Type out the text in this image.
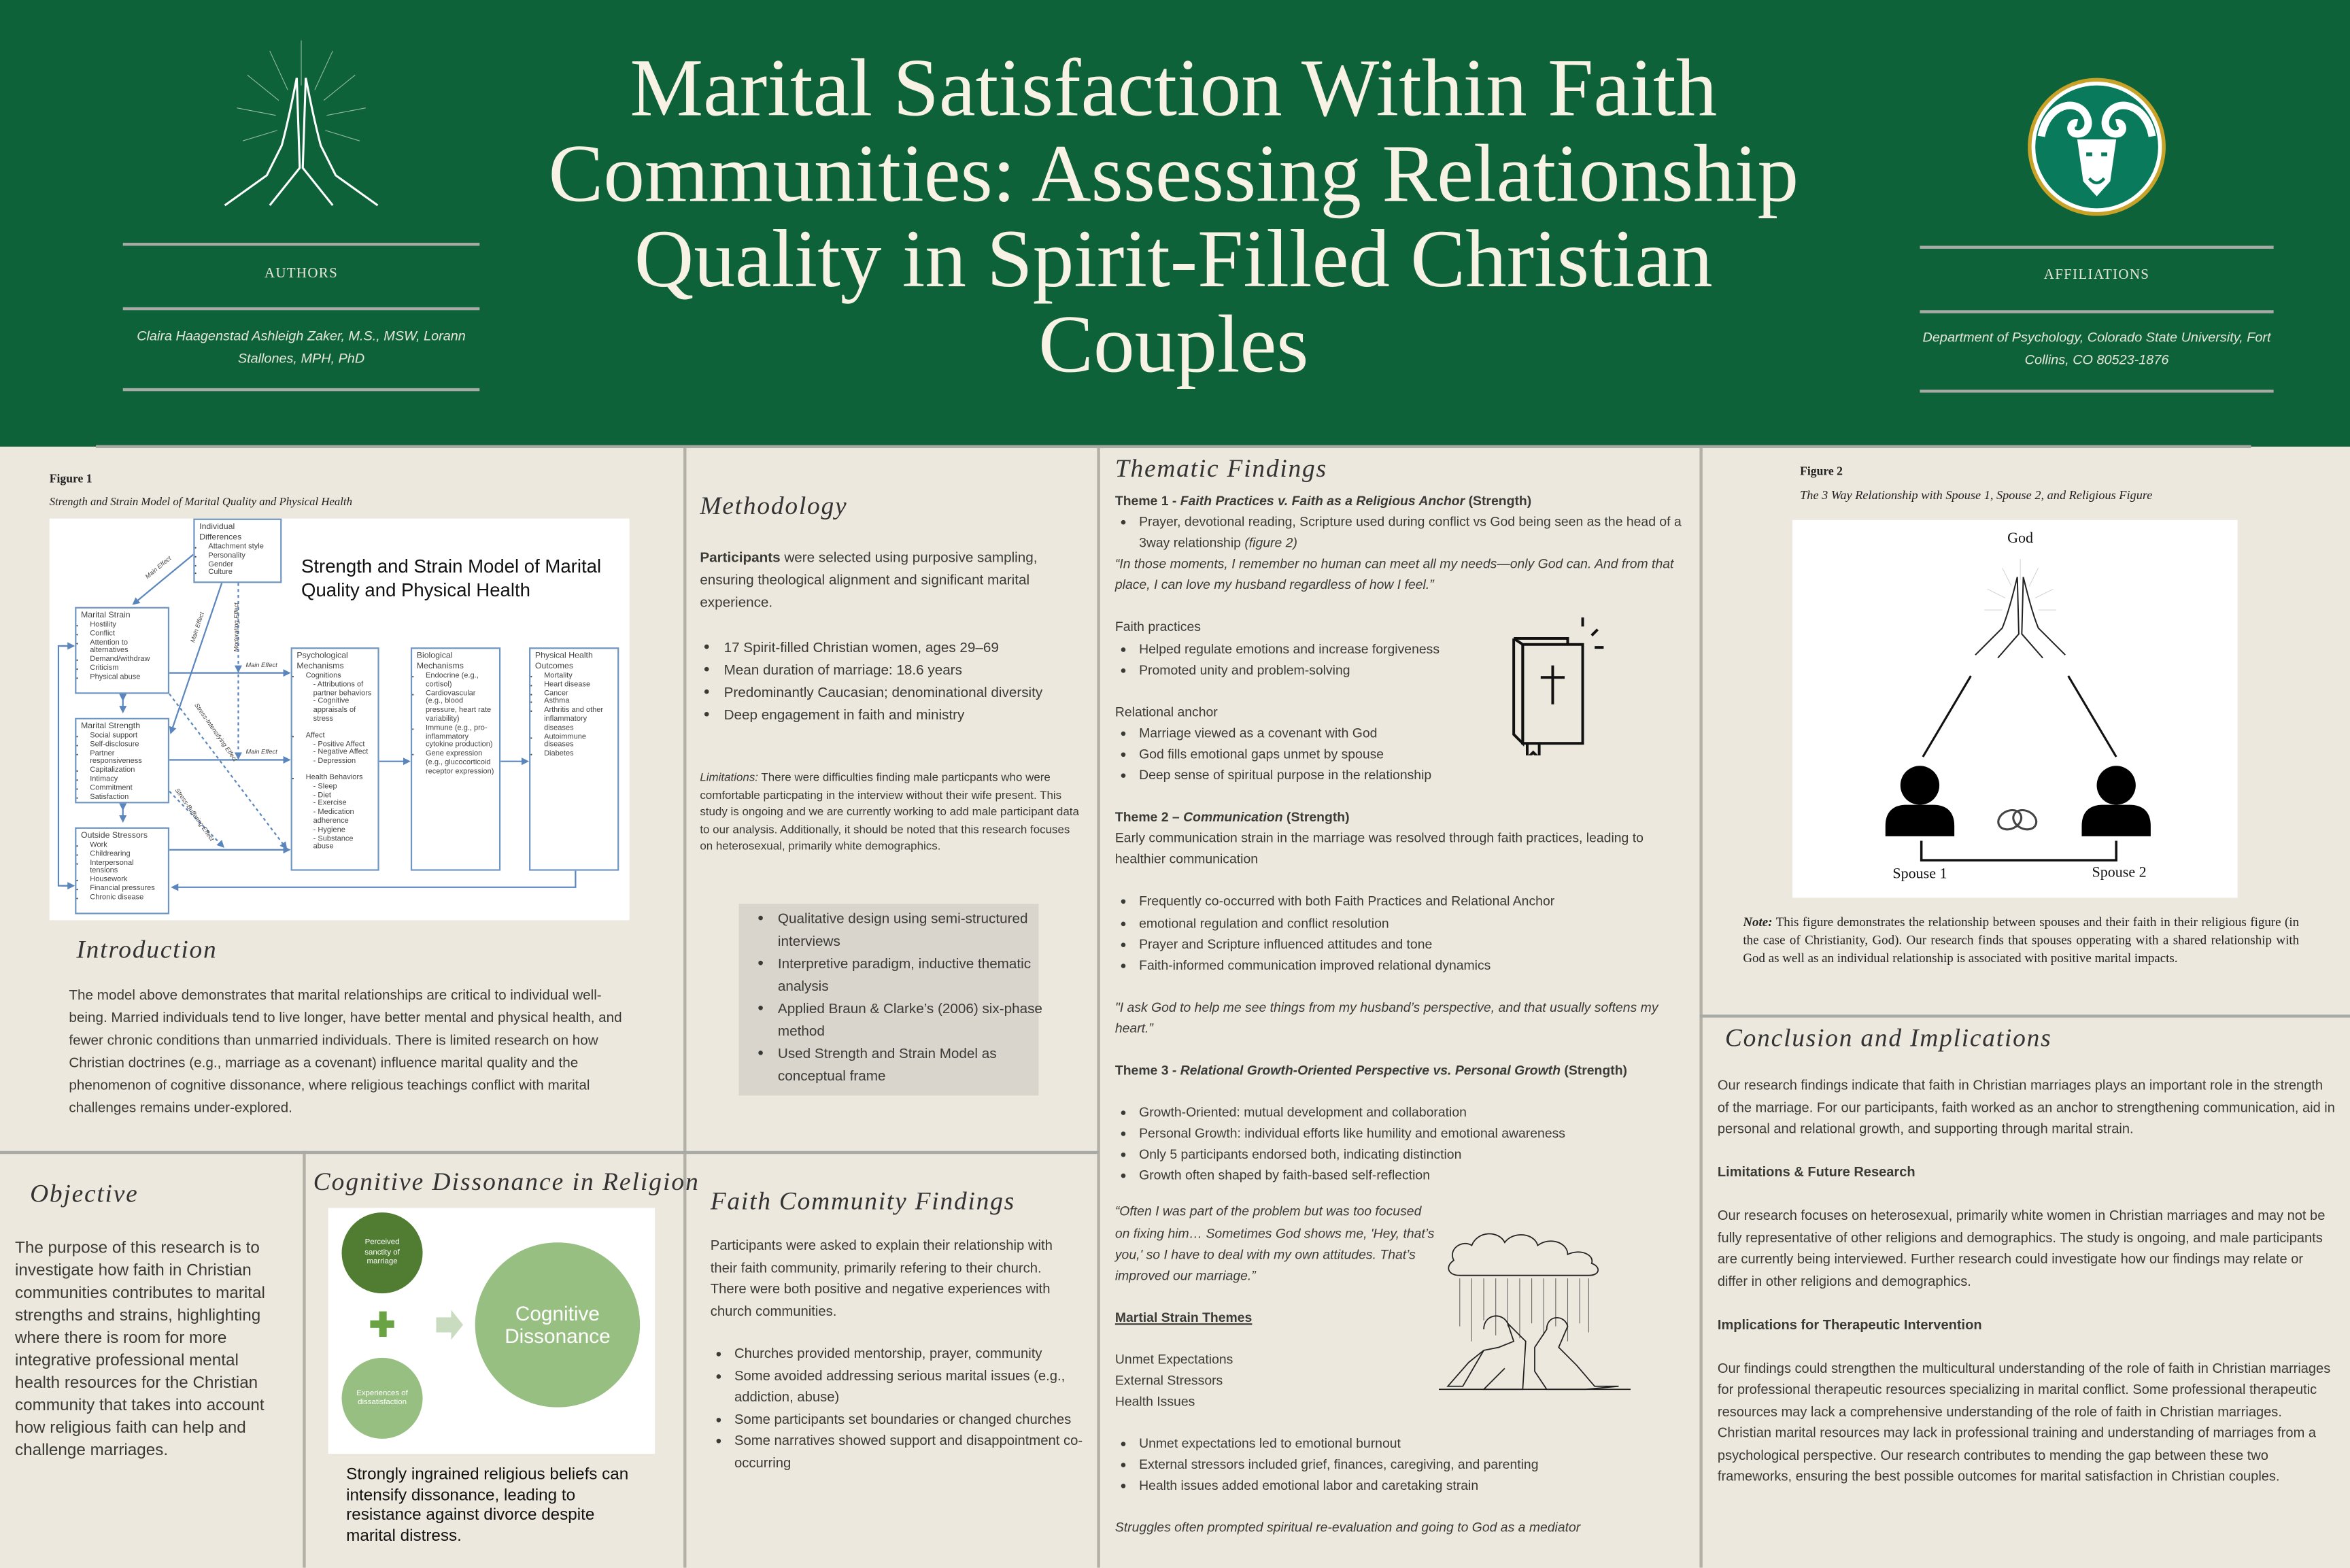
AUTHORS
Claira Haagenstad Ashleigh Zaker, M.S., MSW, Lorann Stallones, MPH, PhD
Marital Satisfaction Within Faith Communities: Assessing Relationship Quality in Spirit-Filled Christian Couples
AFFILIATIONS
Department of Psychology, Colorado State University, Fort Collins, CO 80523-1876
Figure 1
Strength and Strain Model of Marital Quality and Physical Health
Main Effect
Main Effect	Moderating Effect
Main Effect
Main Effect
Stress-Intensifying Effect
Stress-Buffering Effect
Strength and Strain Model of Marital Quality and Physical Health
Individual Differences
• Attachment style
• Personality
• Gender
• Culture
Marital Strain
• Hostility
• Conflict
• Attention to alternatives
• Demand/withdraw
• Criticism
• Physical abuse
Marital Strength
• Social support
• Self-disclosure
• Partner responsiveness
• Capitalization
• Intimacy
• Commitment
• Satisfaction
Outside Stressors
• Work
• Childrearing
• Interpersonal tensions
• Housework
• Financial pressures
• Chronic disease
Psychological Mechanisms
• Cognitions
- Attributions of partner behaviors
- Cognitive appraisals of stress
• Affect
- Positive Affect
- Negative Affect
- Depression
• Health Behaviors
- Sleep
- Diet
- Exercise
- Medication adherence
- Hygiene
- Substance abuse
Biological Mechanisms
• Endocrine (e.g., cortisol)
• Cardiovascular (e.g., blood pressure, heart rate variability)
• Immune (e.g., pro-inflammatory cytokine production)
• Gene expression (e.g., glucocorticoid receptor expression)
Physical Health Outcomes
• Mortality
• Heart disease
• Cancer
• Asthma
• Arthritis and other inflammatory diseases
• Autoimmune diseases
• Diabetes
Introduction
The model above demonstrates that marital relationships are critical to individual well-being. Married individuals tend to live longer, have better mental and physical health, and fewer chronic conditions than unmarried individuals. There is limited research on how Christian doctrines (e.g., marriage as a covenant) influence marital quality and the phenomenon of cognitive dissonance, where religious teachings conflict with marital challenges remains under-explored.
Objective
The purpose of this research is to investigate how faith in Christian communities contributes to marital strengths and strains, highlighting where there is room for more integrative professional mental health resources for the Christian community that takes into account how religious faith can help and challenge marriages.
Cognitive Dissonance in Religion
Perceived sanctity of marriage
Experiences of dissatisfaction
Cognitive Dissonance
Strongly ingrained religious beliefs can intensify dissonance, leading to resistance against divorce despite marital distress.
Methodology
Participants were selected using purposive sampling, ensuring theological alignment and significant marital experience.
• 17 Spirit-filled Christian women, ages 29–69
• Mean duration of marriage: 18.6 years
• Predominantly Caucasian; denominational diversity
• Deep engagement in faith and ministry
Limitations: There were difficulties finding male particpants who were comfortable particpating in the interview without their wife present. This study is ongoing and we are currently working to add male participant data to our analysis. Additionally, it should be noted that this research focuses on heterosexual, primarily white demographics.
• Qualitative design using semi-structured interviews
• Interpretive paradigm, inductive thematic analysis
• Applied Braun & Clarke’s (2006) six-phase method
• Used Strength and Strain Model as conceptual frame
Faith Community Findings
Participants were asked to explain their relationship with their faith community, primarily refering to their church. There were both positive and negative experiences with church communities.
• Churches provided mentorship, prayer, community
• Some avoided addressing serious marital issues (e.g., addiction, abuse)
• Some participants set boundaries or changed churches
• Some narratives showed support and disappointment co-occurring
Thematic Findings
Theme 1 - Faith Practices v. Faith as a Religious Anchor (Strength)
• Prayer, devotional reading, Scripture used during conflict vs God being seen as the head of a 3way relationship (figure 2)
“In those moments, I remember no human can meet all my needs—only God can. And from that place, I can love my husband regardless of how I feel.”
Faith practices
• Helped regulate emotions and increase forgiveness
• Promoted unity and problem-solving
Relational anchor
• Marriage viewed as a covenant with God
• God fills emotional gaps unmet by spouse
• Deep sense of spiritual purpose in the relationship
Theme 2 – Communication (Strength)
Early communication strain in the marriage was resolved through faith practices, leading to healthier communication
• Frequently co-occurred with both Faith Practices and Relational Anchor
• emotional regulation and conflict resolution
• Prayer and Scripture influenced attitudes and tone
• Faith-informed communication improved relational dynamics
"I ask God to help me see things from my husband’s perspective, and that usually softens my heart.”
Theme 3 - Relational Growth-Oriented Perspective vs. Personal Growth (Strength)
• Growth-Oriented: mutual development and collaboration
• Personal Growth: individual efforts like humility and emotional awareness
• Only 5 participants endorsed both, indicating distinction
• Growth often shaped by faith-based self-reflection
“Often I was part of the problem but was too focused on fixing him… Sometimes God shows me, 'Hey, that’s you,' so I have to deal with my own attitudes. That’s improved our marriage.”
Martial Strain Themes
Unmet Expectations
External Stressors
Health Issues
• Unmet expectations led to emotional burnout
• External stressors included grief, finances, caregiving, and parenting
• Health issues added emotional labor and caretaking strain
Struggles often prompted spiritual re-evaluation and going to God as a mediator
Figure 2
The 3 Way Relationship with Spouse 1, Spouse 2, and Religious Figure
God
Spouse 1	Spouse 2
Note: This figure demonstrates the relationship between spouses and their faith in their religious figure (in the case of Christianity, God). Our research finds that spouses opperating with a shared relationship with God as well as an individual relationship is associated with positive marital impacts.
Conclusion and Implications
Our research findings indicate that faith in Christian marriages plays an important role in the strength of the marriage. For our participants, faith worked as an anchor to strengthening communication, aid in personal and relational growth, and supporting through marital strain.
Limitations & Future Research
Our research focuses on heterosexual, primarily white women in Christian marriages and may not be fully representative of other religions and demographics. The study is ongoing, and male participants are currently being interviewed. Further research could investigate how our findings may relate or differ in other religions and demographics.
Implications for Therapeutic Intervention
Our findings could strengthen the multicultural understanding of the role of faith in Christian marriages for professional therapeutic resources specializing in marital conflict. Some professional therapeutic resources may lack a comprehensive understanding of the role of faith in Christian marriages. Christian marital resources may lack in professional training and understanding of marriages from a psychological perspective. Our research contributes to mending the gap between these two frameworks, ensuring the best possible outcomes for marital satisfaction in Christian couples.
